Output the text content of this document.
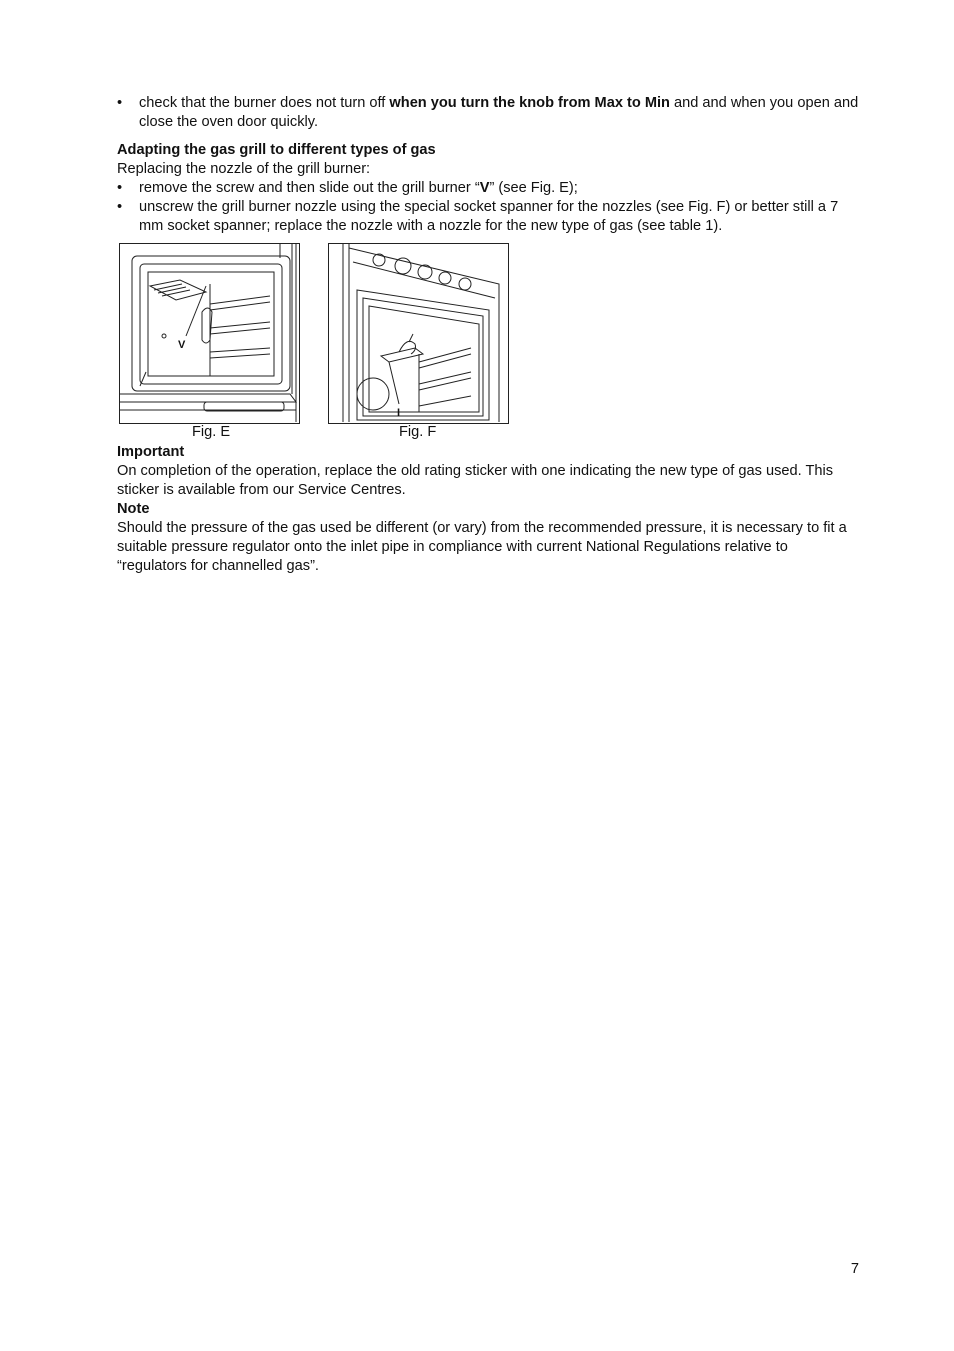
• check that the burner does not turn off when you turn the knob from Max to Min and and when you open and close the oven door quickly.
Adapting the gas grill to different types of gas
Replacing the nozzle of the grill burner:
• remove the screw and then slide out the grill burner “V” (see Fig. E);
• unscrew the grill burner nozzle using the special socket spanner for the nozzles (see Fig. F) or better still a 7 mm socket spanner; replace the nozzle with a nozzle for the new type of gas (see table 1).
V
I
Fig. E	Fig. F
Important
On completion of the operation, replace the old rating sticker with one indicating the new type of gas used. This sticker is available from our Service Centres.
Note
Should the pressure of the gas used be different (or vary) from the recommended pressure, it is necessary to fit a suitable pressure regulator onto the inlet pipe in compliance with current National Regulations relative to “regulators for channelled gas”.
7
